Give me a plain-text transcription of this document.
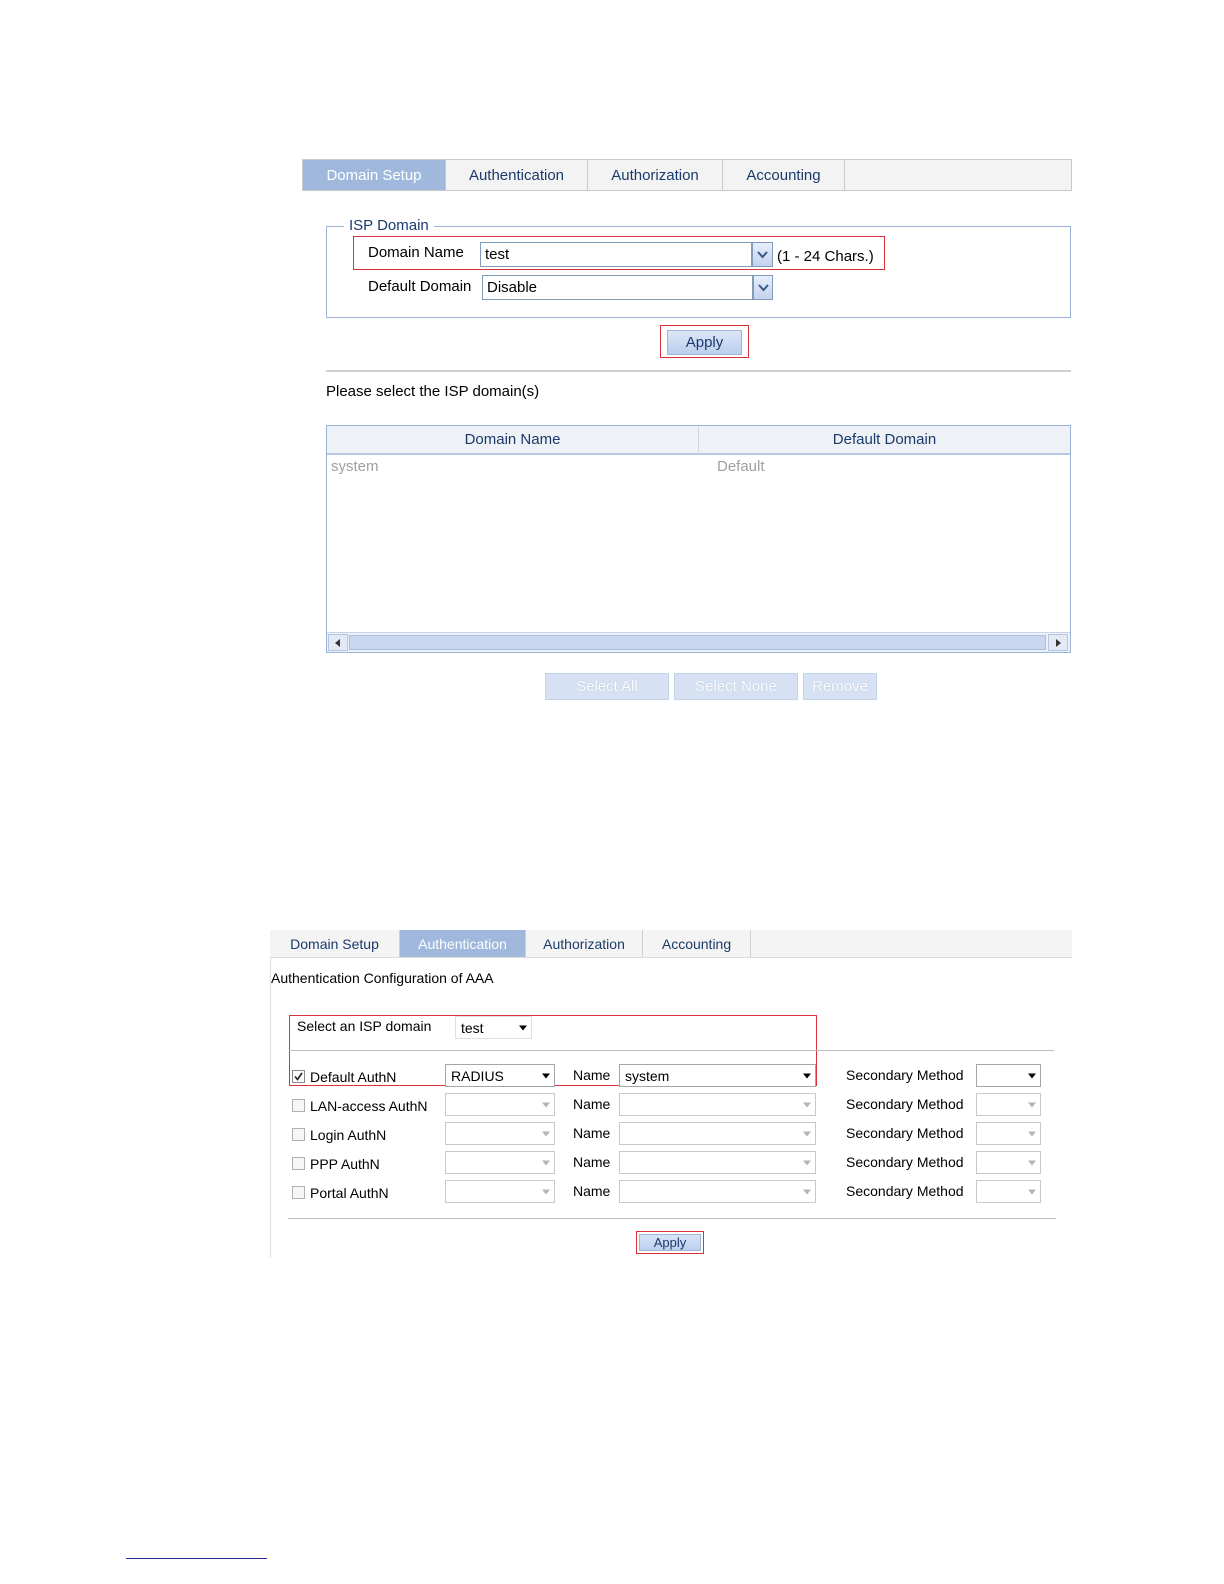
Domain Setup	Authentication	Authorization	Accounting
ISP Domain
Domain Name	test	(1 - 24 Chars.)
Default Domain	Disable
Apply
Please select the ISP domain(s)
Domain Name	Default Domain
system	Default
Select All	Select None	Remove
Domain Setup	Authentication	Authorization	Accounting
Authentication Configuration of AAA
Select an ISP domain test
Default AuthN	RADIUS	Name system	Secondary Method
LAN-access AuthN	Name	Secondary Method
Login AuthN	Name	Secondary Method
PPP AuthN	Name	Secondary Method
Portal AuthN	Name	Secondary Method
Apply
